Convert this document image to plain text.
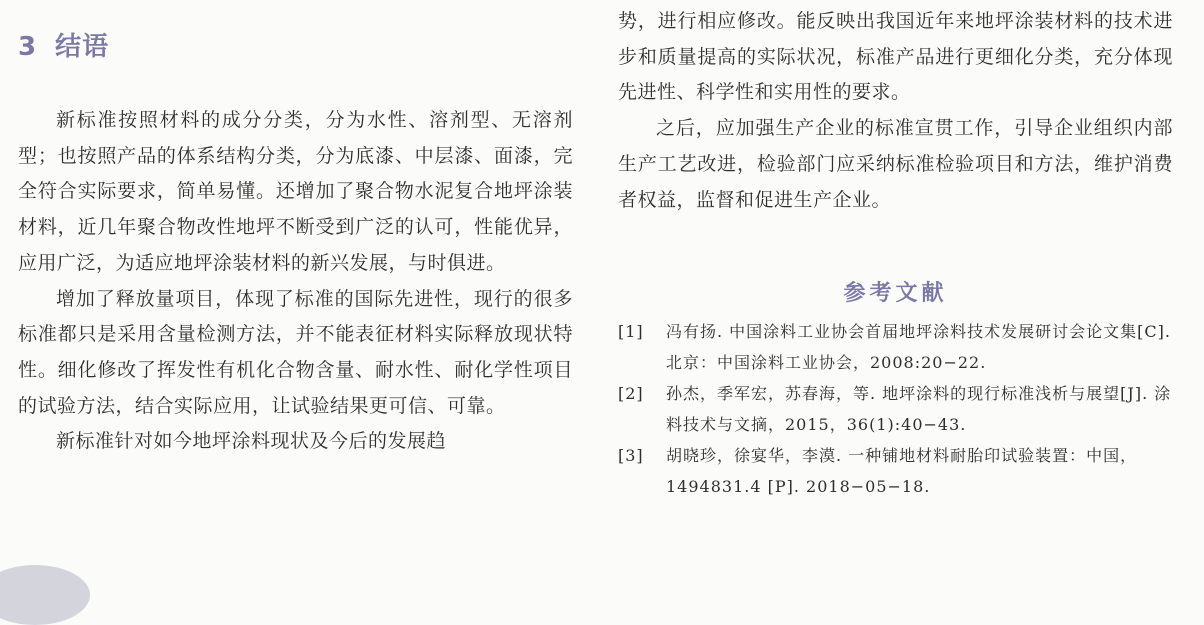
3 结语

新标准按照材料的成分分类，分为水性、溶剂型、无溶剂型；也按照产品的体系结构分类，分为底漆、中层漆、面漆，完全符合实际要求，简单易懂。还增加了聚合物水泥复合地坪涂装材料，近几年聚合物改性地坪不断受到广泛的认可，性能优异，应用广泛，为适应地坪涂装材料的新兴发展，与时俱进。

增加了释放量项目，体现了标准的国际先进性，现行的很多标准都只是采用含量检测方法，并不能表征材料实际释放现状特性。细化修改了挥发性有机化合物含量、耐水性、耐化学性项目的试验方法，结合实际应用，让试验结果更可信、可靠。

新标准针对如今地坪涂料现状及今后的发展趋

势，进行相应修改。能反映出我国近年来地坪涂装材料的技术进步和质量提高的实际状况，标准产品进行更细化分类，充分体现先进性、科学性和实用性的要求。

之后，应加强生产企业的标准宣贯工作，引导企业组织内部生产工艺改进，检验部门应采纳标准检验项目和方法，维护消费者权益，监督和促进生产企业。

参考文献
[1]	冯有扬. 中国涂料工业协会首届地坪涂料技术发展研讨会论文集[C].北京：中国涂料工业协会，2008:20−22.
[2]	孙杰，季军宏，苏春海，等. 地坪涂料的现行标准浅析与展望[J]. 涂料技术与文摘，2015，36(1):40−43.
[3]	胡晓珍，徐宴华，李漠. 一种铺地材料耐胎印试验装置：中国，1494831.4 [P]. 2018−05−18.
